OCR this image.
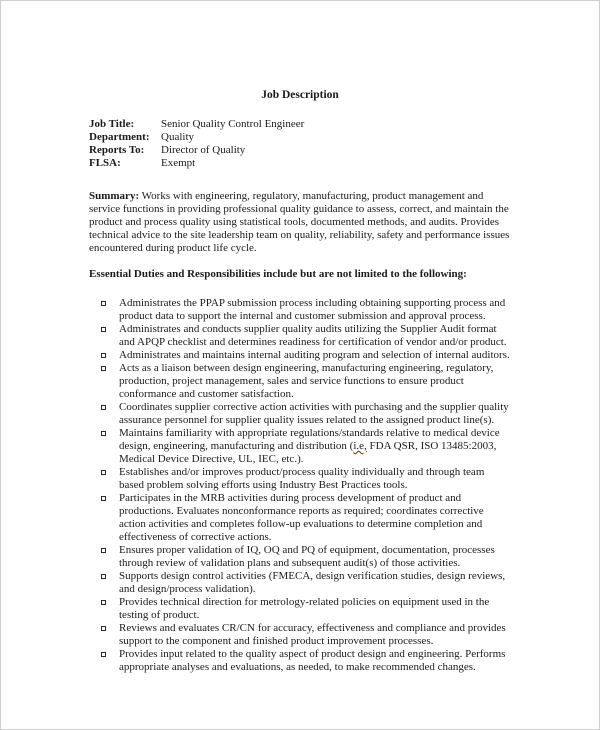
Job Description
Job Title:	Senior Quality Control Engineer
Department:	Quality
Reports To:	Director of Quality
FLSA:	Exempt

Summary: Works with engineering, regulatory, manufacturing, product management and service functions in providing professional quality guidance to assess, correct, and maintain the product and process quality using statistical tools, documented methods, and audits. Provides technical advice to the site leadership team on quality, reliability, safety and performance issues encountered during product life cycle.

Essential Duties and Responsibilities include but are not limited to the following:

Administrates the PPAP submission process including obtaining supporting process and product data to support the internal and customer submission and approval process.
Administrates and conducts supplier quality audits utilizing the Supplier Audit format and APQP checklist and determines readiness for certification of vendor and/or product.
Administrates and maintains internal auditing program and selection of internal auditors.
Acts as a liaison between design engineering, manufacturing engineering, regulatory, production, project management, sales and service functions to ensure product conformance and customer satisfaction.
Coordinates supplier corrective action activities with purchasing and the supplier quality assurance personnel for supplier quality issues related to the assigned product line(s).
Maintains familiarity with appropriate regulations/standards relative to medical device design, engineering, manufacturing and distribution (i.e, FDA QSR, ISO 13485:2003, Medical Device Directive, UL, IEC, etc.).
Establishes and/or improves product/process quality individually and through team based problem solving efforts using Industry Best Practices tools.
Participates in the MRB activities during process development of product and productions. Evaluates nonconformance reports as required; coordinates corrective action activities and completes follow-up evaluations to determine completion and effectiveness of corrective actions.
Ensures proper validation of IQ, OQ and PQ of equipment, documentation, processes through review of validation plans and subsequent audit(s) of those activities.
Supports design control activities (FMECA, design verification studies, design reviews, and design/process validation).
Provides technical direction for metrology-related policies on equipment used in the testing of product.
Reviews and evaluates CR/CN for accuracy, effectiveness and compliance and provides support to the component and finished product improvement processes.
Provides input related to the quality aspect of product design and engineering. Performs appropriate analyses and evaluations, as needed, to make recommended changes.
